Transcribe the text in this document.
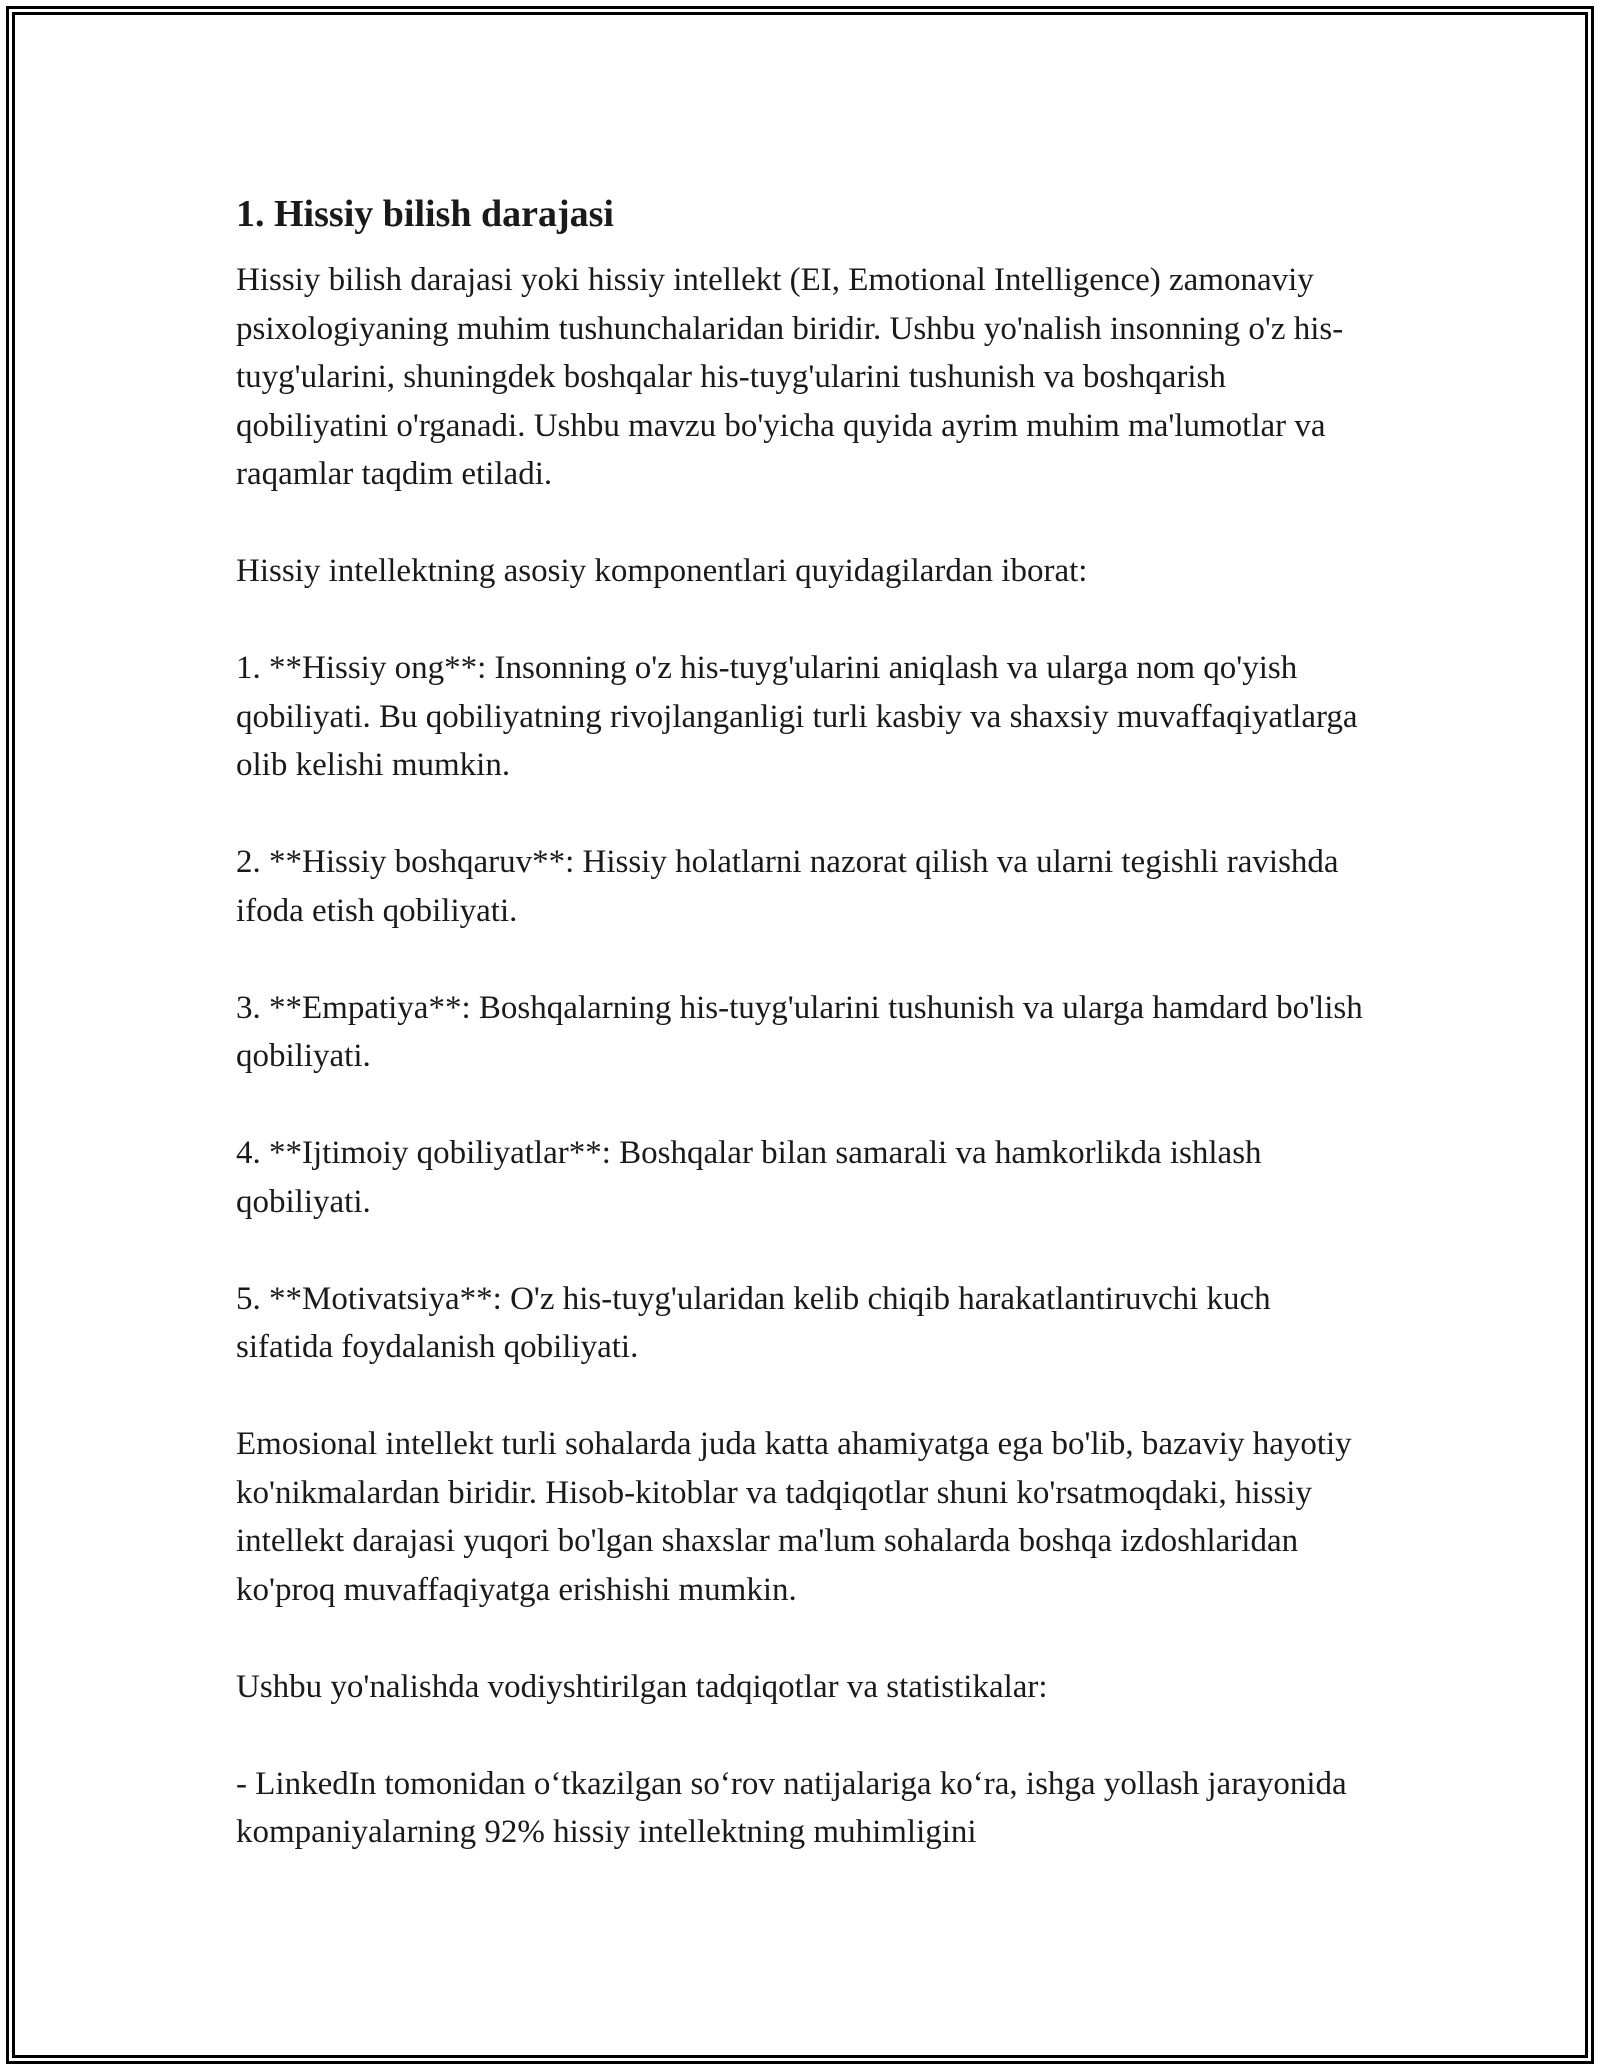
1. Hissiy bilish darajasi

Hissiy bilish darajasi yoki hissiy intellekt (EI, Emotional Intelligence) zamonaviy psixologiyaning muhim tushunchalaridan biridir. Ushbu yo'nalish insonning o'z his-tuyg'ularini, shuningdek boshqalar his-tuyg'ularini tushunish va boshqarish qobiliyatini o'rganadi. Ushbu mavzu bo'yicha quyida ayrim muhim ma'lumotlar va raqamlar taqdim etiladi.

Hissiy intellektning asosiy komponentlari quyidagilardan iborat:

1. **Hissiy ong**: Insonning o'z his-tuyg'ularini aniqlash va ularga nom qo'yish qobiliyati. Bu qobiliyatning rivojlanganligi turli kasbiy va shaxsiy muvaffaqiyatlarga olib kelishi mumkin.

2. **Hissiy boshqaruv**: Hissiy holatlarni nazorat qilish va ularni tegishli ravishda ifoda etish qobiliyati.

3. **Empatiya**: Boshqalarning his-tuyg'ularini tushunish va ularga hamdard bo'lish qobiliyati.

4. **Ijtimoiy qobiliyatlar**: Boshqalar bilan samarali va hamkorlikda ishlash qobiliyati.

5. **Motivatsiya**: O'z his-tuyg'ularidan kelib chiqib harakatlantiruvchi kuch sifatida foydalanish qobiliyati.

Emosional intellekt turli sohalarda juda katta ahamiyatga ega bo'lib, bazaviy hayotiy ko'nikmalardan biridir. Hisob-kitoblar va tadqiqotlar shuni ko'rsatmoqdaki, hissiy intellekt darajasi yuqori bo'lgan shaxslar ma'lum sohalarda boshqa izdoshlaridan ko'proq muvaffaqiyatga erishishi mumkin.

Ushbu yo'nalishda vodiyshtirilgan tadqiqotlar va statistikalar:

- LinkedIn tomonidan o‘tkazilgan so‘rov natijalariga ko‘ra, ishga yollash jarayonida kompaniyalarning 92% hissiy intellektning muhimligini
